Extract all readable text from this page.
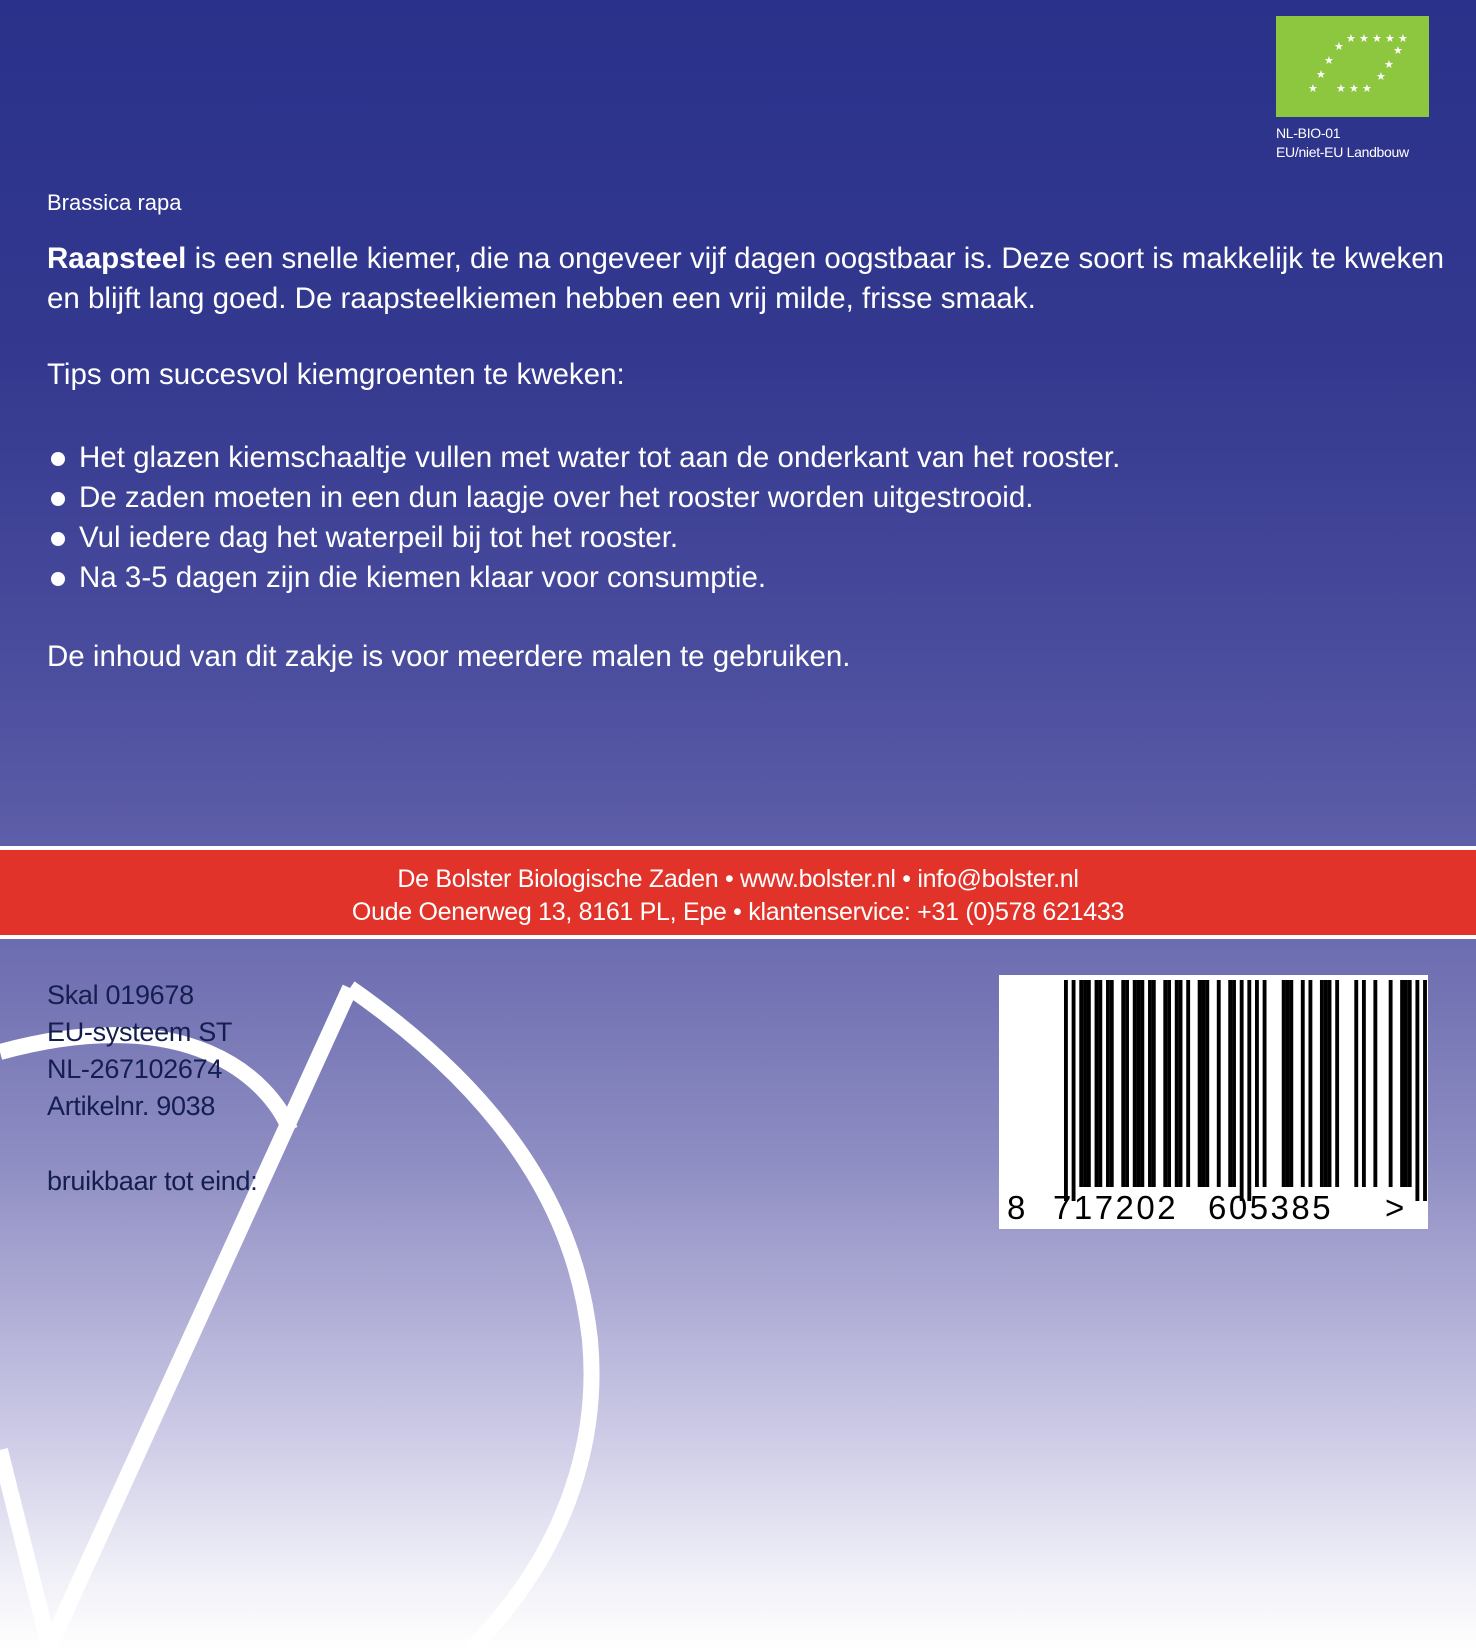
★ ★ ★ ★ ★
★	★
★	★
★	★
★ ★ ★ ★
NL-BIO-01
EU/niet-EU Landbouw
Brassica rapa
Raapsteel is een snelle kiemer, die na ongeveer vijf dagen oogstbaar is. Deze soort is makkelijk te kweken en blijft lang goed. De raapsteelkiemen hebben een vrij milde, frisse smaak.
Tips om succesvol kiemgroenten te kweken:
Het glazen kiemschaaltje vullen met water tot aan de onderkant van het rooster.
De zaden moeten in een dun laagje over het rooster worden uitgestrooid.
Vul iedere dag het waterpeil bij tot het rooster.
Na 3-5 dagen zijn die kiemen klaar voor consumptie.
De inhoud van dit zakje is voor meerdere malen te gebruiken.
De Bolster Biologische Zaden • www.bolster.nl • info@bolster.nl
Oude Oenerweg 13, 8161 PL, Epe • klantenservice: +31 (0)578 621433
Skal 019678
EU-systeem ST
NL-267102674
Artikelnr. 9038
bruikbaar tot eind:
8 717202 605385 >
